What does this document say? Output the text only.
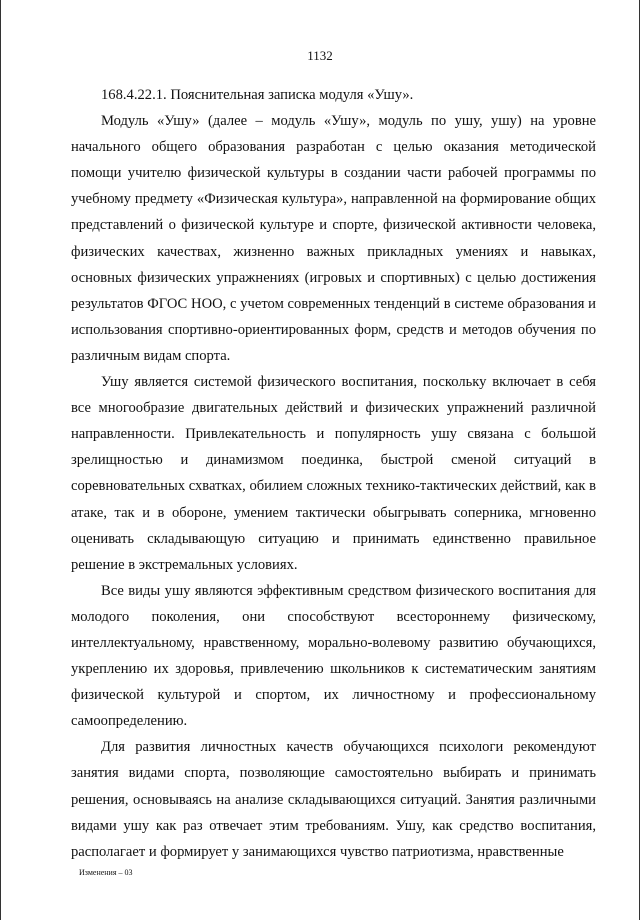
1132

168.4.22.1. Пояснительная записка модуля «Ушу».

Модуль «Ушу» (далее – модуль «Ушу», модуль по ушу, ушу) на уровне начального общего образования разработан с целью оказания методической помощи учителю физической культуры в создании части рабочей программы по учебному предмету «Физическая культура», направленной на формирование общих представлений о физической культуре и спорте, физической активности человека, физических качествах, жизненно важных прикладных умениях и навыках, основных физических упражнениях (игровых и спортивных) с целью достижения результатов ФГОС НОО, с учетом современных тенденций в системе образования и использования спортивно-ориентированных форм, средств и методов обучения по различным видам спорта.

Ушу является системой физического воспитания, поскольку включает в себя все многообразие двигательных действий и физических упражнений различной направленности. Привлекательность и популярность ушу связана с большой зрелищностью и динамизмом поединка, быстрой сменой ситуаций в соревновательных схватках, обилием сложных технико-тактических действий, как в атаке, так и в обороне, умением тактически обыгрывать соперника, мгновенно оценивать складывающую ситуацию и принимать единственно правильное решение в экстремальных условиях.

Все виды ушу являются эффективным средством физического воспитания для молодого поколения, они способствуют всестороннему физическому, интеллектуальному, нравственному, морально-волевому развитию обучающихся, укреплению их здоровья, привлечению школьников к систематическим занятиям физической культурой и спортом, их личностному и профессиональному самоопределению.

Для развития личностных качеств обучающихся психологи рекомендуют занятия видами спорта, позволяющие самостоятельно выбирать и принимать решения, основываясь на анализе складывающихся ситуаций. Занятия различными видами ушу как раз отвечает этим требованиям. Ушу, как средство воспитания, располагает и формирует у занимающихся чувство патриотизма, нравственные

Изменения – 03
